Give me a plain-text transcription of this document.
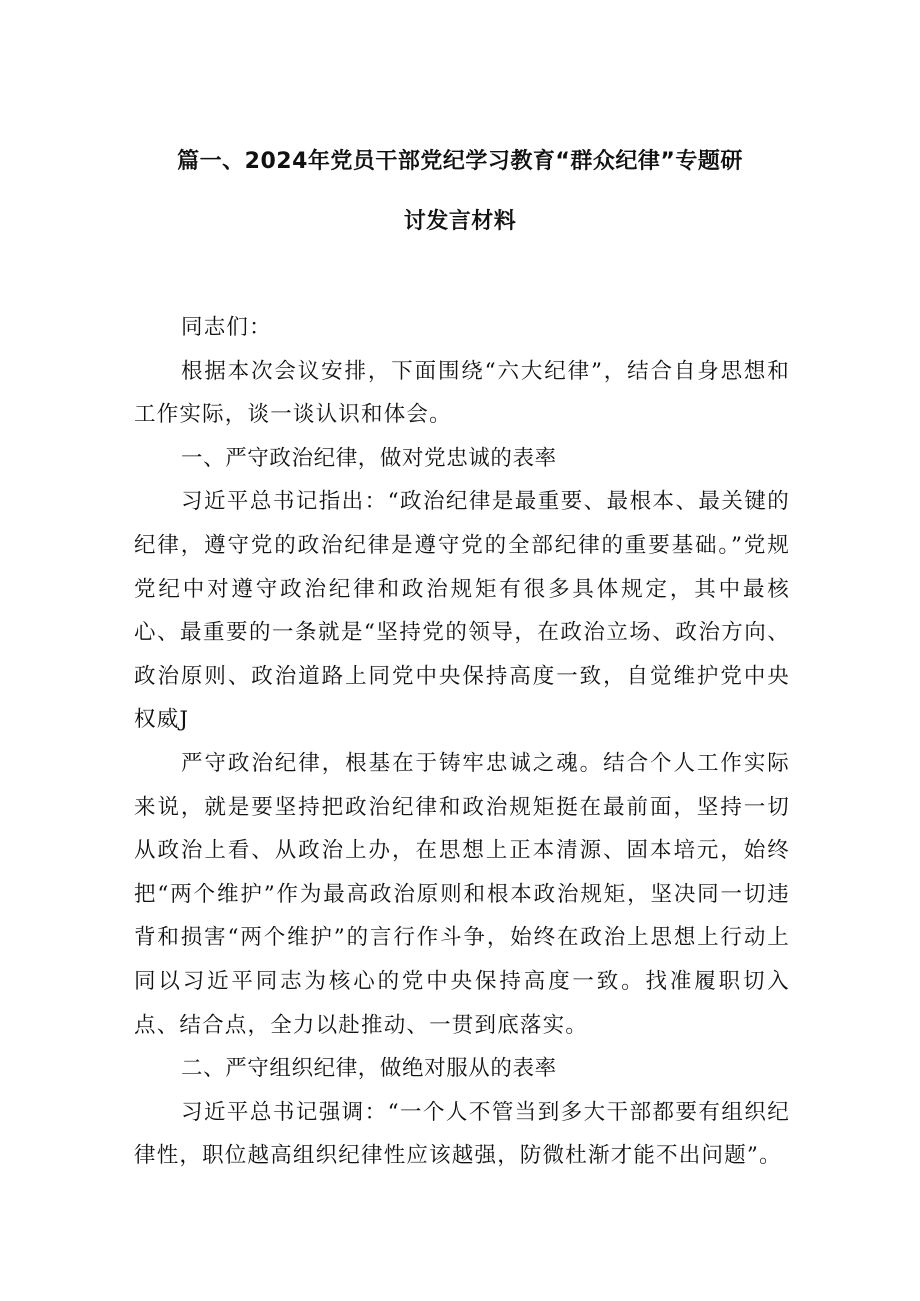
篇一、2024年党员干部党纪学习教育“群众纪律”专题研
讨发言材料

同志们：

根据本次会议安排，下面围绕“六大纪律”，结合自身思想和工作实际，谈一谈认识和体会。

一、严守政治纪律，做对党忠诚的表率

习近平总书记指出：“政治纪律是最重要、最根本、最关键的纪律，遵守党的政治纪律是遵守党的全部纪律的重要基础。”党规党纪中对遵守政治纪律和政治规矩有很多具体规定，其中最核心、最重要的一条就是“坚持党的领导，在政治立场、政治方向、政治原则、政治道路上同党中央保持高度一致，自觉维护党中央权威J

严守政治纪律，根基在于铸牢忠诚之魂。结合个人工作实际来说，就是要坚持把政治纪律和政治规矩挺在最前面，坚持一切从政治上看、从政治上办，在思想上正本清源、固本培元，始终把“两个维护”作为最高政治原则和根本政治规矩，坚决同一切违背和损害“两个维护”的言行作斗争，始终在政治上思想上行动上同以习近平同志为核心的党中央保持高度一致。找准履职切入点、结合点，全力以赴推动、一贯到底落实。

二、严守组织纪律，做绝对服从的表率

习近平总书记强调：“一个人不管当到多大干部都要有组织纪律性，职位越高组织纪律性应该越强，防微杜渐才能不出问题”。
